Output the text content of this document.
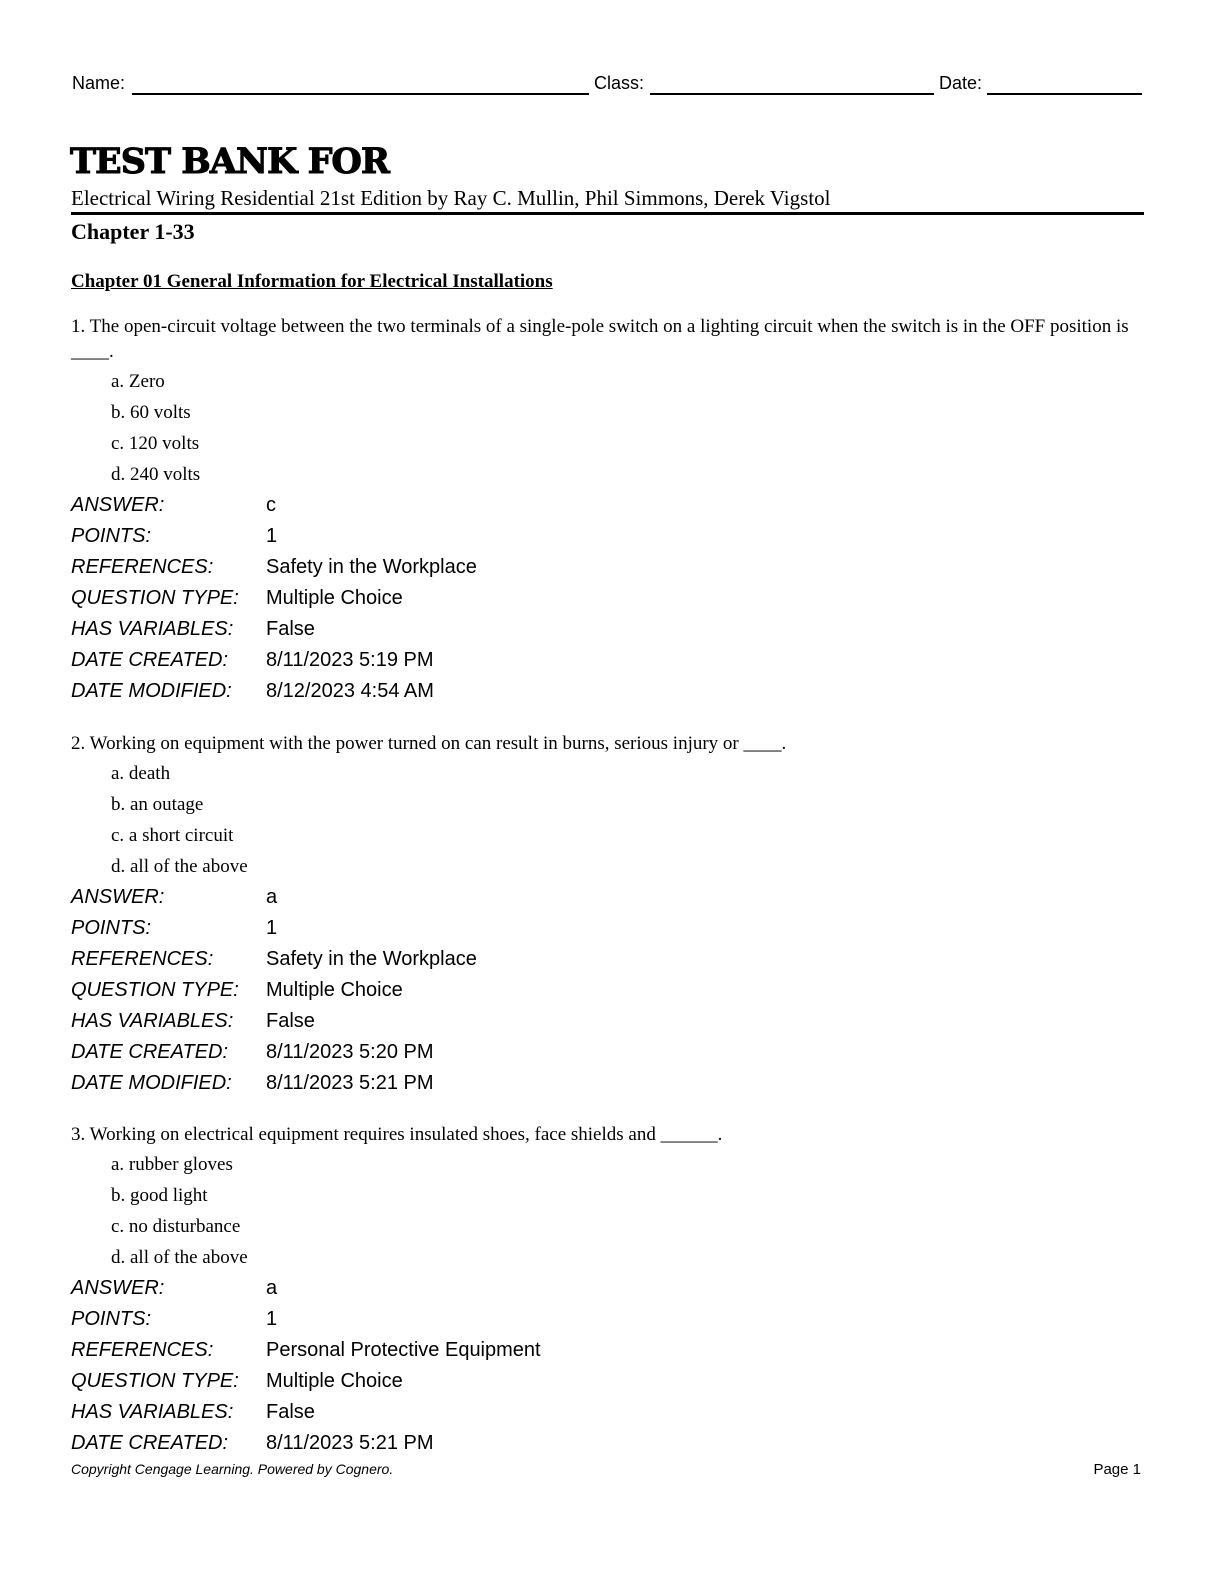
Name:	Class:	Date:
TEST BANK FOR

Electrical Wiring Residential 21st Edition by Ray C. Mullin, Phil Simmons, Derek Vigstol

Chapter 1-33

Chapter 01 General Information for Electrical Installations

1. The open-circuit voltage between the two terminals of a single-pole switch on a lighting circuit when the switch is in the OFF position is ____.

a. Zero
b. 60 volts
c. 120 volts
d. 240 volts
ANSWER:	c
POINTS:	1
REFERENCES:	Safety in the Workplace
QUESTION TYPE:	Multiple Choice
HAS VARIABLES:	False
DATE CREATED:	8/11/2023 5:19 PM
DATE MODIFIED:	8/12/2023 4:54 AM

2. Working on equipment with the power turned on can result in burns, serious injury or ____.

a. death
b. an outage
c. a short circuit
d. all of the above
ANSWER:	a
POINTS:	1
REFERENCES:	Safety in the Workplace
QUESTION TYPE:	Multiple Choice
HAS VARIABLES:	False
DATE CREATED:	8/11/2023 5:20 PM
DATE MODIFIED:	8/11/2023 5:21 PM

3. Working on electrical equipment requires insulated shoes, face shields and ______.

a. rubber gloves
b. good light
c. no disturbance
d. all of the above
ANSWER:	a
POINTS:	1
REFERENCES:	Personal Protective Equipment
QUESTION TYPE:	Multiple Choice
HAS VARIABLES:	False
DATE CREATED:	8/11/2023 5:21 PM
Copyright Cengage Learning. Powered by Cognero.	Page 1
